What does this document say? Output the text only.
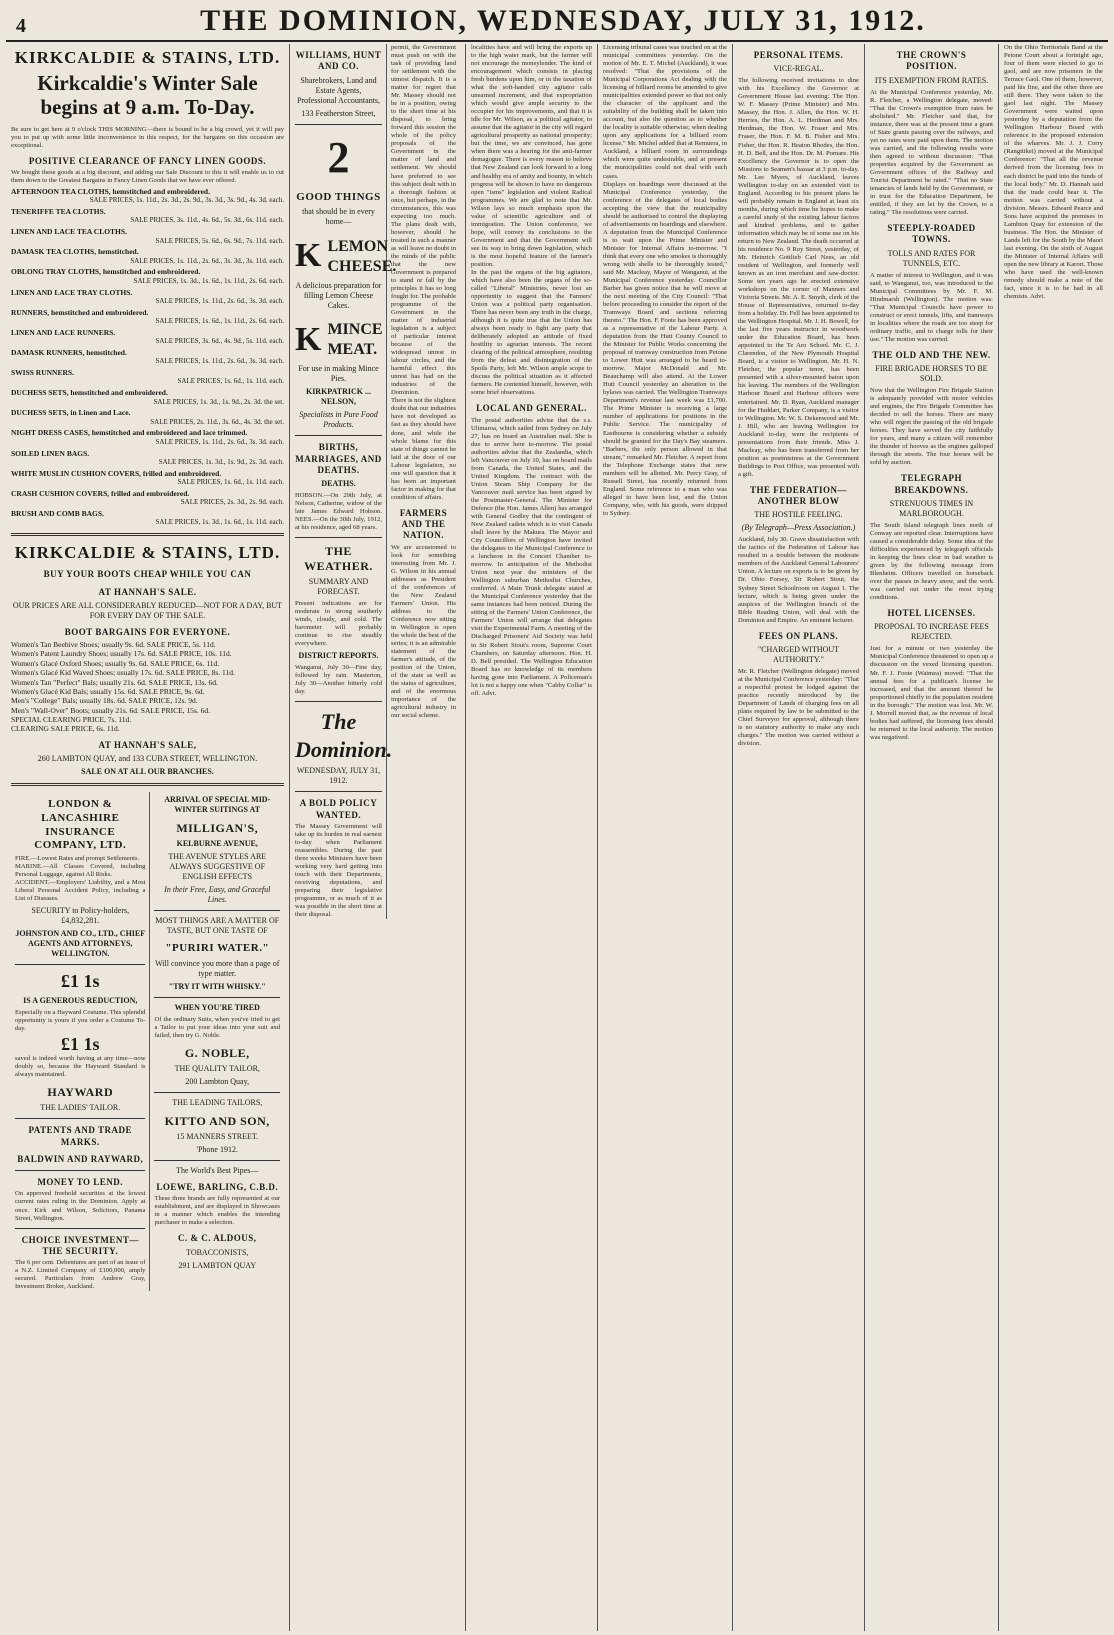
4	THE DOMINION, WEDNESDAY, JULY 31, 1912.
KIRKCALDIE & STAINS, LTD.
Kirkcaldie's Winter Sale begins at 9 a.m. To-Day.
Be sure to get here at 9 o'clock THIS MORNING—there is bound to be a big crowd, yet it will pay you to put up with some little inconvenience in this respect, for the bargains on this occasion are exceptional.
POSITIVE CLEARANCE OF FANCY LINEN GOODS.
We bought these goods at a big discount, and adding our Sale Discount to this it will enable us to cut them down to the Greatest Bargains in Fancy Linen Goods that we have ever offered.
AFTERNOON TEA CLOTHS, hemstitched and embroidered.
SALE PRICES, 1s. 11d., 2s. 3d., 2s. 9d., 3s. 3d., 3s. 9d., 4s. 3d. each.
TENERIFFE TEA CLOTHS.
SALE PRICES, 3s. 11d., 4s. 6d., 5s. 3d., 6s. 11d. each.
LINEN AND LACE TEA CLOTHS.
SALE PRICES, 5s. 6d., 6s. 9d., 7s. 11d. each.
DAMASK TEA CLOTHS, hemstitched.
SALE PRICES, 1s. 11d., 2s. 6d., 3s. 3d., 3s. 11d. each.
OBLONG TRAY CLOTHS, hemstitched and embroidered.
SALE PRICES, 1s. 3d., 1s. 6d., 1s. 11d., 2s. 6d. each.
LINEN AND LACE TRAY CLOTHS.
SALE PRICES, 1s. 11d., 2s. 6d., 3s. 3d. each.
RUNNERS, hemstitched and embroidered.
SALE PRICES, 1s. 6d., 1s. 11d., 2s. 6d. each.
LINEN AND LACE RUNNERS.
SALE PRICES, 3s. 6d., 4s. 9d., 5s. 11d. each.
DAMASK RUNNERS, hemstitched.
SALE PRICES, 1s. 11d., 2s. 6d., 3s. 3d. each.
SWISS RUNNERS.
SALE PRICES, 1s. 6d., 1s. 11d. each.
DUCHESS SETS, hemstitched and embroidered.
SALE PRICES, 1s. 3d., 1s. 9d., 2s. 3d. the set.
DUCHESS SETS, in Linen and Lace.
SALE PRICES, 2s. 11d., 3s. 6d., 4s. 3d. the set.
NIGHT DRESS CASES, hemstitched and embroidered and lace trimmed.
SALE PRICES, 1s. 11d., 2s. 6d., 3s. 3d. each.
SOILED LINEN BAGS.
SALE PRICES, 1s. 3d., 1s. 9d., 2s. 3d. each.
WHITE MUSLIN CUSHION COVERS, frilled and embroidered.
SALE PRICES, 1s. 6d., 1s. 11d. each.
CRASH CUSHION COVERS, frilled and embroidered.
SALE PRICES, 2s. 3d., 2s. 9d. each.
BRUSH AND COMB BAGS.
SALE PRICES, 1s. 3d., 1s. 6d., 1s. 11d. each.
KIRKCALDIE & STAINS, LTD.
BUY YOUR BOOTS CHEAP WHILE YOU CAN
AT HANNAH'S SALE.
OUR PRICES ARE ALL CONSIDERABLY REDUCED—NOT FOR A DAY, BUT FOR EVERY DAY OF THE SALE.
BOOT BARGAINS FOR EVERYONE.
Women's Tan Beehive Shoes; usually 9s. 6d. SALE PRICE, 5s. 11d.
Women's Patent Laundry Shoes; usually 17s. 6d. SALE PRICE, 10s. 11d.
Women's Glacé Oxford Shoes; usually 9s. 6d. SALE PRICE, 6s. 11d.
Women's Glacé Kid Waved Shoes; usually 17s. 6d. SALE PRICE, 8s. 11d.
Women's Tan "Perfect" Bals; usually 21s. 6d. SALE PRICE, 13s. 6d.
Women's Glacé Kid Bals; usually 15s. 6d. SALE PRICE, 9s. 6d.
Men's "College" Bals; usually 18s. 6d. SALE PRICE, 12s. 9d.
Men's "Wall-Over" Boots; usually 21s. 6d. SALE PRICE, 15s. 6d.
SPECIAL CLEARING PRICE, 7s. 11d.
CLEARING SALE PRICE, 6s. 11d.
AT HANNAH'S SALE,
260 LAMBTON QUAY, and 133 CUBA STREET, WELLINGTON.
SALE ON AT ALL OUR BRANCHES.
LONDON & LANCASHIRE INSURANCE COMPANY, LTD.
FIRE.—Lowest Rates and prompt Settlements.
MARINE.—All Classes Covered, including Personal Luggage, against All Risks.
ACCIDENT.—Employers' Liability, and a Most Liberal Personal Accident Policy, including a List of Diseases.
SECURITY to Policy-holders, £4,832,281.
JOHNSTON AND CO., LTD., CHIEF AGENTS AND ATTORNEYS, WELLINGTON.
£1 1s
IS A GENEROUS REDUCTION,
Especially on a Hayward Costume. This splendid opportunity is yours if you order a Costume To-day.
£1 1s
saved is indeed worth having at any time—now doubly so, because the Hayward Standard is always maintained.
HAYWARD
THE LADIES' TAILOR.
PATENTS AND TRADE MARKS.
BALDWIN AND RAYWARD,
MONEY TO LEND.
On approved freehold securities at the lowest current rates ruling in the Dominion. Apply at once. Kirk and Wilson, Solicitors, Panama Street, Wellington.
CHOICE INVESTMENT—THE SECURITY.
The 6 per cent. Debentures are part of an issue of a N.Z. Limited Company of £100,000, amply secured. Particulars from Andrew Gray, Investment Broker, Auckland.
ARRIVAL OF SPECIAL MID-WINTER SUITINGS AT
MILLIGAN'S,
KELBURNE AVENUE,
THE AVENUE STYLES ARE ALWAYS SUGGESTIVE OF ENGLISH EFFECTS
In their Free, Easy, and Graceful Lines.
MOST THINGS ARE A MATTER OF TASTE, BUT ONE TASTE OF
"PURIRI WATER."
Will convince you more than a page of type matter.
"TRY IT WITH WHISKY."
WHEN YOU'RE TIRED
Of the ordinary Suits, when you've tried to get a Tailor to put your ideas into your suit and failed, then try G. Noble.
G. NOBLE,
THE QUALITY TAILOR,
200 Lambton Quay,
THE LEADING TAILORS,
KITTO AND SON,
15 MANNERS STREET.
'Phone 1912.
The World's Best Pipes—
LOEWE, BARLING, C.B.D.
These three brands are fully represented at our establishment, and are displayed in Showcases in a manner which enables the intending purchaser to make a selection.
C. & C. ALDOUS,
TOBACCONISTS,
291 LAMBTON QUAY
WILLIAMS, HUNT AND CO.
Sharebrokers, Land and Estate Agents, Professional Accountants,
133 Featherston Street,
2
GOOD THINGS
that should be in every home—
K LEMON CHEESE.
A delicious preparation for filling Lemon Cheese Cakes.
K MINCE MEAT.
For use in making Mince Pies.
KIRKPATRICK ... NELSON,
Specialists in Pure Food Products.
BIRTHS, MARRIAGES, AND DEATHS.
DEATHS.
HOBSON.—On 29th July, at Nelson, Catherine, widow of the late James Edward Hobson. NEES.—On the 30th July, 1912, at his residence, aged 68 years.
THE WEATHER.
SUMMARY AND FORECAST.
Present indications are for moderate to strong southerly winds, cloudy, and cold. The barometer will probably continue to rise steadily everywhere.
DISTRICT REPORTS.
Wanganui, July 30—Fine day, followed by rain. Masterton, July 30—Another bitterly cold day.
The Dominion.
WEDNESDAY, JULY 31, 1912.
A BOLD POLICY WANTED.
The Massey Government will take up its burden in real earnest to-day when Parliament reassembles. During the past three weeks Ministers have been working very hard getting into touch with their Departments, receiving deputations, and preparing their legislative programme, or as much of it as was possible in the short time at their disposal.
permit, the Government must push on with the task of providing land for settlement with the utmost dispatch. It is a matter for regret that Mr. Massey should not be in a position, owing to the short time at his disposal, to bring forward this session the whole of the policy proposals of the Government in the matter of land and settlement. We should have preferred to see this subject dealt with in a thorough fashion at once, but perhaps, in the circumstances, this was expecting too much. The plans dealt with, however, should be treated in such a manner as will leave no doubt in the minds of the public that the new Government is prepared to stand or fall by the principles it has so long fought for. The probable programme of the Government in the matter of industrial legislation is a subject of particular interest because of the widespread unrest in labour circles, and the harmful effect this unrest has had on the industries of the Dominion.
There is not the slightest doubt that our industries have not developed as fast as they should have done, and while the whole blame for this state of things cannot be laid at the door of our Labour legislation, no one will question that it has been an important factor in making for that condition of affairs.
FARMERS AND THE NATION.
We are accustomed to look for something interesting from Mr. J. G. Wilson in his annual addresses as President of the conferences of the New Zealand Farmers' Union. His address to the Conference now sitting in Wellington is open the whole the best of the series; it is an admirable statement of the farmer's attitude, of the position of the Union, of the state as well as the status of agriculture, and of the enormous importance of the agricultural industry in our social scheme.
localities have and will bring the exports up to the high water mark, but the farmer will not encourage the moneylender. The kind of encouragement which consists in placing fresh burdens upon him, or in the taxation of what the soft-handed city agitator calls unearned increment, and that expropriation which would give ample security to the occupier for his improvements, and that it is idle for Mr. Wilson, as a political agitator, to assume that the agitator in the city will regard agricultural prosperity as national prosperity; but the time, we are convinced, has gone when there was a hearing for the anti-farmer demagogue. There is every reason to believe that New Zealand can look forward to a long and healthy era of amity and bounty, in which progress will be shown to have no dangerous open "isms" legislation and violent Radical programmes. We are glad to note that Mr. Wilson lays so much emphasis upon the value of scientific agriculture and of immigration. The Union conference, we hope, will convey its conclusions to the Government and that the Government will see its way to bring down legislation, which is the most hopeful feature of the farmer's position.
In the past the organs of the big agitators, which have also been the organs of the so-called "Liberal" Ministries, never lost an opportunity to suggest that the Farmers' Union was a political party organisation. There has never been any truth in the charge, although it is quite true that the Union has always been ready to fight any party that deliberately adopted an attitude of fixed hostility to agrarian interests. The recent clearing of the political atmosphere, resulting from the defeat and disintegration of the Spoils Party, left Mr. Wilson ample scope to discuss the political situation as it affected farmers. He contented himself, however, with some brief observations.
LOCAL AND GENERAL.
The postal authorities advise that the s.s. Ulimaroa, which sailed from Sydney on July 27, has on board an Australian mail. She is due to arrive here to-morrow. The postal authorities advise that the Zealandia, which left Vancouver on July 10, has on board mails from Canada, the United States, and the United Kingdom. The contract with the Union Steam Ship Company for the Vancouver mail service has been signed by the Postmaster-General. The Minister for Defence (the Hon. James Allen) has arranged with General Godley that the contingent of New Zealand cadets which is to visit Canada shall leave by the Makura. The Mayor and City Councillors of Wellington have invited the delegates to the Municipal Conference to a luncheon in the Concert Chamber to-morrow. In anticipation of the Methodist Union next year the ministers of the Wellington suburban Methodist Churches, conferred. A Main Trunk delegate stated at the Municipal Conference yesterday that the same instances had been noticed. During the sitting of the Farmers' Union Conference, the Farmers' Union will arrange that delegates visit the Experimental Farm. A meeting of the Discharged Prisoners' Aid Society was held in Sir Robert Stout's room, Supreme Court Chambers, on Saturday afternoon. Hon. H. D. Bell presided. The Wellington Education Board has no knowledge of its members having gone into Parliament. A Policeman's lot is not a happy one when "Cabby Collar" is off. Advt.
Licensing tribunal cases was touched on at the municipal committees yesterday. On the motion of Mr. E. T. Michel (Auckland), it was resolved: "That the provisions of the Municipal Corporations Act dealing with the licensing of billiard rooms be amended to give municipalities extended power so that not only the character of the applicant and the suitability of the building shall be taken into account, but also the question as to whether the locality is suitable otherwise; when dealing upon any applications for a billiard room license." Mr. Michel added that at Remuera, in Auckland, a billiard room in surroundings which were quite undesirable, and at present the municipalities could not deal with such cases.
Displays on hoardings were discussed at the Municipal Conference yesterday, the conference of the delegates of local bodies accepting the view that the municipality should be authorised to control the displaying of advertisements on hoardings and elsewhere. A deputation from the Municipal Conference is to wait upon the Prime Minister and Minister for Internal Affairs to-morrow. "I think that every one who smokes is thoroughly wrong with shells to be thoroughly tested," said Mr. Macleay, Mayor of Wanganui, at the Municipal Conference yesterday. Councillor Barber has given notice that he will move at the next meeting of the City Council: "That before proceeding to consider the report of the Tramways Board and sections referring thereto." The Hon. F. Foote has been approved as a representative of the Labour Party. A deputation from the Hutt County Council to the Minister for Public Works concerning the proposal of tramway construction from Petone to Lower Hutt was arranged to be heard to-morrow. Major McDonald and Mr. Beauchamp will also attend. At the Lower Hutt Council yesterday an alteration to the bylaws was carried. The Wellington Tramways Department's revenue last week was £1,700. The Prime Minister is receiving a large number of applications for positions in the Public Service. The municipality of Eastbourne is considering whether a subsidy should be granted for the Day's Bay steamers. "Barbers, the only person allowed in that stream," remarked Mr. Fletcher. A report from the Telephone Exchange states that new numbers will be allotted. Mr. Percy Gray, of Russell Street, has recently returned from England. Some reference to a man who was alleged to have been lost, and the Union Company, who, with his goods, were shipped to Sydney.
PERSONAL ITEMS.
VICE-REGAL.
The following received invitations to dine with his Excellency the Governor at Government House last evening: The Hon. W. F. Massey (Prime Minister) and Mrs. Massey, the Hon. J. Allen, the Hon. W. H. Herries, the Hon. A. L. Herdman and Mrs. Herdman, the Hon. W. Fraser and Mrs. Fraser, the Hon. F. M. B. Fisher and Mrs. Fisher, the Hon. R. Heaton Rhodes, the Hon. H. D. Bell, and the Hon. Dr. M. Pomare. His Excellency the Governor is to open the Missions to Seamen's bazaar at 3 p.m. to-day. Mr. Lee Myers, of Auckland, leaves Wellington to-day on an extended visit to England. According to his present plans he will probably remain in England at least six months, during which time he hopes to make a careful study of the existing labour factors and kindred problems, and to gather information which may be of some use on his return to New Zealand. The death occurred at his residence No. 9 Roy Street, yesterday, of Mr. Heinrich Gottlieb Carl Nees, an old resident of Wellington, and formerly well known as an iron merchant and saw-doctor. Some ten years ago he erected extensive workshops on the corner of Manners and Victoria Streets. Mr. A. E. Smyth, clerk of the House of Representatives, returned to-day from a holiday. Dr. Fell has been appointed to the Wellington Hospital. Mr. J. H. Bowell, for the last five years instructor in woodwork under the Education Board, has been appointed to the Te Aro School. Mr. C. J. Clarendon, of the New Plymouth Hospital Board, is a visitor to Wellington. Mr. H. N. Fletcher, the popular tenor, has been presented with a silver-mounted baton upon his leaving. The members of the Wellington Harbour Board and Harbour officers were entertained. Mr. D. Ryan, Auckland manager for the Huddart, Parker Company, is a visitor to Wellington. Mr. W. S. Dekenwood and Mr. J. Hill, who are leaving Wellington for Auckland to-day, were the recipients of presentations from their friends. Miss J. Macleay, who has been transferred from her position as postmistress at the Government Buildings to Post Office, was presented with a gift.
THE FEDERATION—ANOTHER BLOW
THE HOSTILE FEELING.
(By Telegraph—Press Association.)
Auckland, July 30. Grave dissatisfaction with the tactics of the Federation of Labour has resulted in a trouble between the moderate members of the Auckland General Labourers' Union. A lecture on exports is to be given by Dr. Ohio Forsey, Sir Robert Stout, the Sydney Street Schoolroom on August 1. The lecture, which is being given under the auspices of the Wellington branch of the Bible Reading Union, will deal with the Dominion and Empire. An eminent lecturer.
FEES ON PLANS.
"CHARGED WITHOUT AUTHORITY."
Mr. R. Fletcher (Wellington delegate) moved at the Municipal Conference yesterday: "That a respectful protest be lodged against the practice recently introduced by the Department of Lands of charging fees on all plans required by law to be submitted to the Chief Surveyor for approval, although there is no statutory authority to make any such charges." The motion was carried without a division.
THE CROWN'S POSITION.
ITS EXEMPTION FROM RATES.
At the Municipal Conference yesterday, Mr. R. Fletcher, a Wellington delegate, moved: "That the Crown's exemption from rates be abolished." Mr. Fletcher said that, for instance, there was at the present time a grant of State grants passing over the railways, and yet no rates were paid upon them. The motion was carried, and the following results were then agreed to without discussion: "That properties acquired by the Government as Government offices of the Railway and Tourist Department be rated." "That no State tenancies of lands held by the Government, or in trust for the Education Department, be entitled, if they are let by the Crown, to a rating." The resolutions were carried.
STEEPLY-ROADED TOWNS.
TOLLS AND RATES FOR TUNNELS, ETC.
A matter of interest to Wellington, and it was said, to Wanganui, too, was introduced to the Municipal Committees by Mr. F. M. Hindmarsh (Wellington). The motion was: "That Municipal Councils have power to construct or erect tunnels, lifts, and tramways in localities where the roads are too steep for ordinary traffic, and to charge tolls for their use." The motion was carried.
THE OLD AND THE NEW.
FIRE BRIGADE HORSES TO BE SOLD.
Now that the Wellington Fire Brigade Station is adequately provided with motor vehicles and engines, the Fire Brigade Committee has decided to sell the horses. There are many who will regret the passing of the old brigade horses. They have served the city faithfully for years, and many a citizen will remember the thunder of hooves as the engines galloped through the streets. The four horses will be sold by auction.
TELEGRAPH BREAKDOWNS.
STRENUOUS TIMES IN MARLBOROUGH.
The South Island telegraph lines north of Conway are reported clear. Interruptions have caused a considerable delay. Some idea of the difficulties experienced by telegraph officials in keeping the lines clear in bad weather is given by the following message from Blenheim. Officers travelled on horseback over the passes in heavy snow, and the work was carried out under the most trying conditions.
HOTEL LICENSES.
PROPOSAL TO INCREASE FEES REJECTED.
Just for a minute or two yesterday the Municipal Conference threatened to open up a discussion on the vexed licensing question. Mr. F. J. Foote (Waimea) moved: "That the annual fees for a publican's license be increased, and that the amount thereof be proportioned chiefly to the population resident in the borough." The motion was lost. Mr. W. J. Morrell moved that, as the revenue of local bodies had suffered, the licensing fees should be returned to the local authority. The motion was negatived.
On the Ohio Territorials Band at the Petone Court about a fortnight ago, four of them were elected to go to gaol, and are now prisoners in the Terrace Gaol. One of them, however, paid his fine, and the other three are still there. They were taken to the gaol last night. The Massey Government were waited upon yesterday by a deputation from the Wellington Harbour Board with reference to the proposed extension of the wharves. Mr. J. J. Corry (Rangitikei) moved at the Municipal Conference: "That all the revenue derived from the licensing fees in each district be paid into the funds of the local body." Mr. D. Hannah said that the trade could bear it. The motion was carried without a division. Messrs. Edward Pearce and Sons have acquired the premises in Lambton Quay for extension of the business. The Hon. the Minister of Lands left for the South by the Maori last evening. On the sixth of August the Minister of Internal Affairs will open the new library at Karori. Those who have used the well-known remedy should make a note of the fact, since it is to be had in all chemists. Advt.
